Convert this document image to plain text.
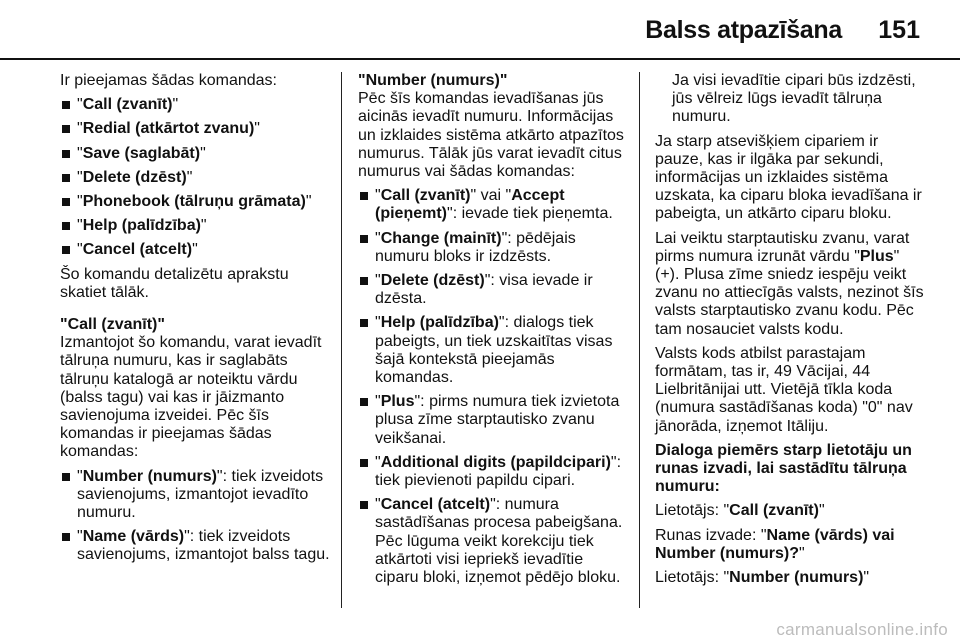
Balss atpazīšana 151

Ir pieejamas šādas komandas:

"Call (zvanīt)"
"Redial (atkārtot zvanu)"
"Save (saglabāt)"
"Delete (dzēst)"
"Phonebook (tālruņu grāmata)"
"Help (palīdzība)"
"Cancel (atcelt)"

Šo komandu detalizētu aprakstu skatiet tālāk.

"Call (zvanīt)"

Izmantojot šo komandu, varat ievadīt tālruņa numuru, kas ir saglabāts tālruņu katalogā ar noteiktu vārdu (balss tagu) vai kas ir jāizmanto savienojuma izveidei. Pēc šīs komandas ir pieejamas šādas komandas:

"Number (numurs)": tiek izveidots savienojums, izmantojot ievadīto numuru.
"Name (vārds)": tiek izveidots savienojums, izmantojot balss tagu.

"Number (numurs)"

Pēc šīs komandas ievadīšanas jūs aicinās ievadīt numuru. Informācijas un izklaides sistēma atkārto atpazītos numurus. Tālāk jūs varat ievadīt citus numurus vai šādas komandas:

"Call (zvanīt)" vai "Accept (pieņemt)": ievade tiek pieņemta.
"Change (mainīt)": pēdējais numuru bloks ir izdzēsts.
"Delete (dzēst)": visa ievade ir dzēsta.
"Help (palīdzība)": dialogs tiek pabeigts, un tiek uzskaitītas visas šajā kontekstā pieejamās komandas.
"Plus": pirms numura tiek izvietota plusa zīme starptautisko zvanu veikšanai.
"Additional digits (papildcipari)": tiek pievienoti papildu cipari.
"Cancel (atcelt)": numura sastādīšanas procesa pabeigšana. Pēc lūguma veikt korekciju tiek atkārtoti visi iepriekš ievadītie ciparu bloki, izņemot pēdējo bloku.

Ja visi ievadītie cipari būs izdzēsti, jūs vēlreiz lūgs ievadīt tālruņa numuru.

Ja starp atsevišķiem cipariem ir pauze, kas ir ilgāka par sekundi, informācijas un izklaides sistēma uzskata, ka ciparu bloka ievadīšana ir pabeigta, un atkārto ciparu bloku.

Lai veiktu starptautisku zvanu, varat pirms numura izrunāt vārdu "Plus" (+). Plusa zīme sniedz iespēju veikt zvanu no attiecīgās valsts, nezinot šīs valsts starptautisko zvanu kodu. Pēc tam nosauciet valsts kodu.

Valsts kods atbilst parastajam formātam, tas ir, 49 Vācijai, 44 Lielbritānijai utt. Vietējā tīkla koda (numura sastādīšanas koda) "0" nav jānorāda, izņemot Itāliju.

Dialoga piemērs starp lietotāju un runas izvadi, lai sastādītu tālruņa numuru:

Lietotājs: "Call (zvanīt)"

Runas izvade: "Name (vārds) vai Number (numurs)?"

Lietotājs: "Number (numurs)"

carmanualsonline.info
